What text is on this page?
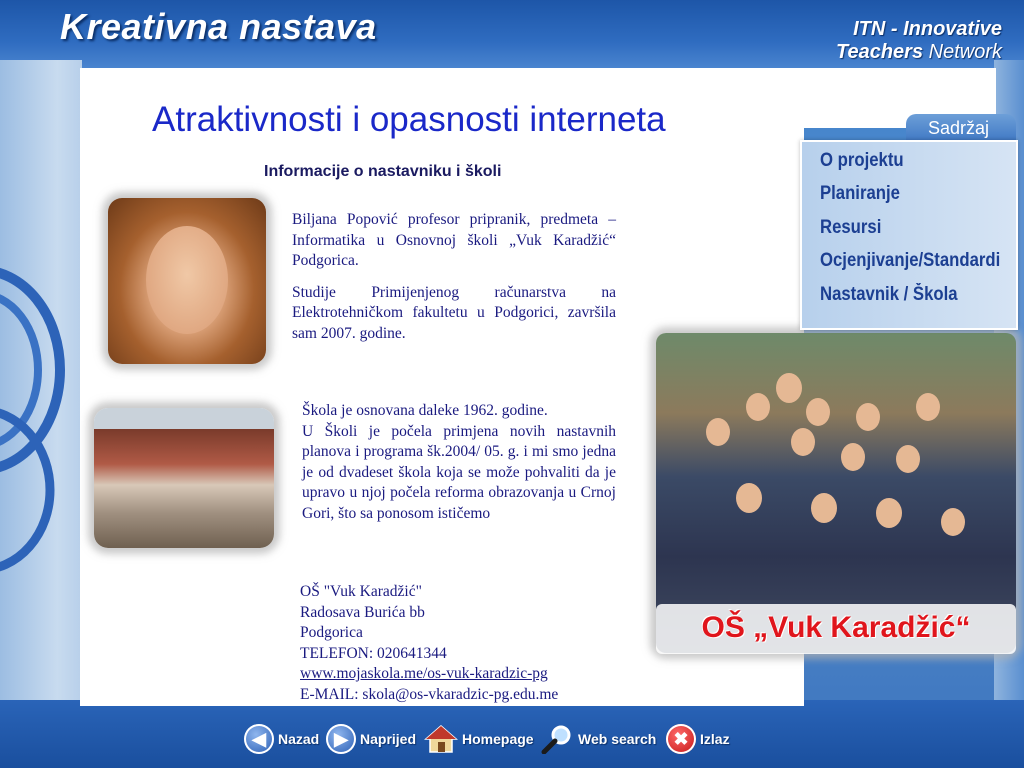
Kreativna nastava	ITN - Innovative
Teachers Network
Atraktivnosti i opasnosti interneta
Informacije o nastavniku i školi
OŠ „Vuk Karadžić“

Biljana Popović profesor pripranik, predmeta – Informatika u Osnovnoj školi „Vuk Karadžić“ Podgorica.

Studije Primijenjenog računarstva na Elektrotehničkom fakultetu u Podgorici, završila sam 2007. godine.

Škola je osnovana daleke 1962. godine.

U Školi je počela primjena novih nastavnih planova i programa šk.2004/ 05. g. i mi smo jedna je od dvadeset škola koja se može pohvaliti da je upravo u njoj počela reforma obrazovanja u Crnoj Gori, što sa ponosom ističemo

OŠ "Vuk Karadžić"
Radosava Burića bb
Podgorica
TELEFON: 020641344
www.mojaskola.me/os-vuk-karadzic-pg
E-MAIL: skola@os-vkaradzic-pg.edu.me
Sadržaj
O projektu
Planiranje
Resursi
Ocjenjivanje/Standardi
Nastavnik / Škola
◀ Nazad ▶ Naprijed	Homepage	Web search ✖ Izlaz
